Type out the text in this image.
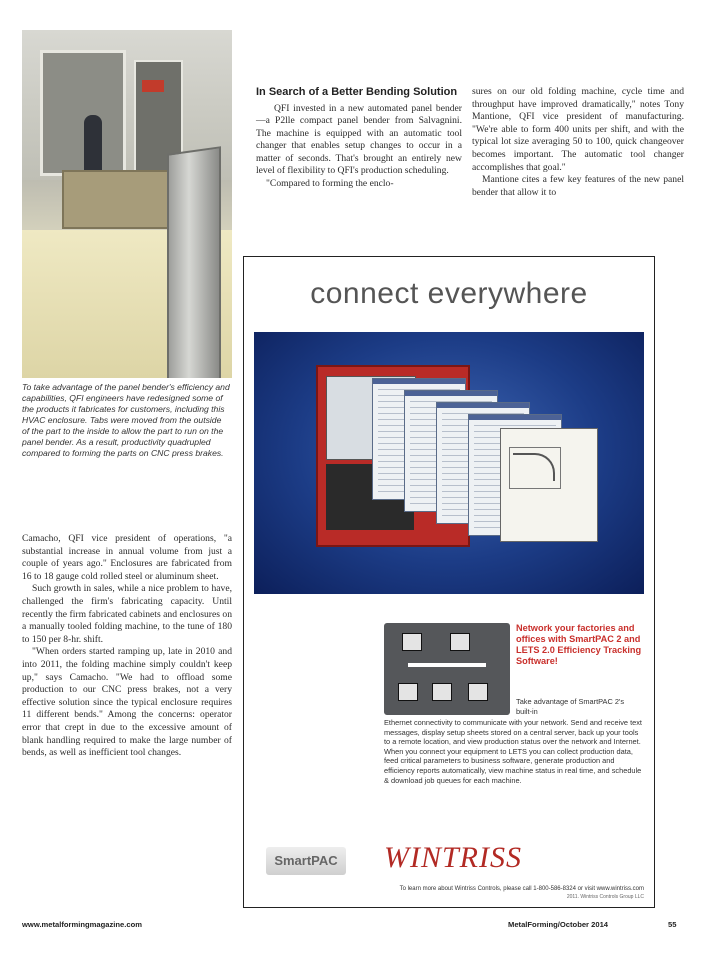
To take advantage of the panel bender's efficiency and capabilities, QFI engineers have redesigned some of the products it fabricates for customers, including this HVAC enclosure. Tabs were moved from the outside of the part to the inside to allow the part to run on the panel bender. As a result, productivity quadrupled compared to forming the parts on CNC press brakes.

Camacho, QFI vice president of operations, "a substantial increase in annual volume from just a couple of years ago." Enclosures are fabricated from 16 to 18 gauge cold rolled steel or aluminum sheet.

Such growth in sales, while a nice problem to have, challenged the firm's fabricating capacity. Until recently the firm fabricated cabinets and enclosures on a manually tooled folding machine, to the tune of 180 to 150 per 8-hr. shift.

"When orders started ramping up, late in 2010 and into 2011, the folding machine simply couldn't keep up," says Camacho. "We had to offload some production to our CNC press brakes, not a very effective solution since the typical enclosure requires 11 different bends." Among the concerns: operator error that crept in due to the excessive amount of blank handling required to make the large number of bends, as well as inefficient tool changes.

In Search of a Better Bending Solution

QFI invested in a new automated panel bender—a P2lle compact panel bender from Salvagnini. The machine is equipped with an automatic tool changer that enables setup changes to occur in a matter of seconds. That's brought an entirely new level of flexibility to QFI's production scheduling.

"Compared to forming the enclo-

sures on our old folding machine, cycle time and throughput have improved dramatically," notes Tony Mantione, QFI vice president of manufacturing. "We're able to form 400 units per shift, and with the typical lot size averaging 50 to 100, quick changeover becomes important. The automatic tool changer accomplishes that goal."

Mantione cites a few key features of the new panel bender that allow it to

connect everywhere

Network your factories and offices with SmartPAC 2 and LETS 2.0 Efficiency Tracking Software!

Take advantage of SmartPAC 2's built-in

Ethernet connectivity to communicate with your network. Send and receive text messages, display setup sheets stored on a central server, back up your tools to a remote location, and view production status over the network and Internet. When you connect your equipment to LETS you can collect production data, feed critical parameters to business software, generate production and efficiency reports automatically, view machine status in real time, and schedule & download job queues for each machine.

SmartPAC WINTRISS
To learn more about Wintriss Controls, please call 1-800-586-8324 or visit www.wintriss.com
2011. Wintriss Controls Group LLC
www.metalformingmagazine.com	MetalForming/October 2014	55
